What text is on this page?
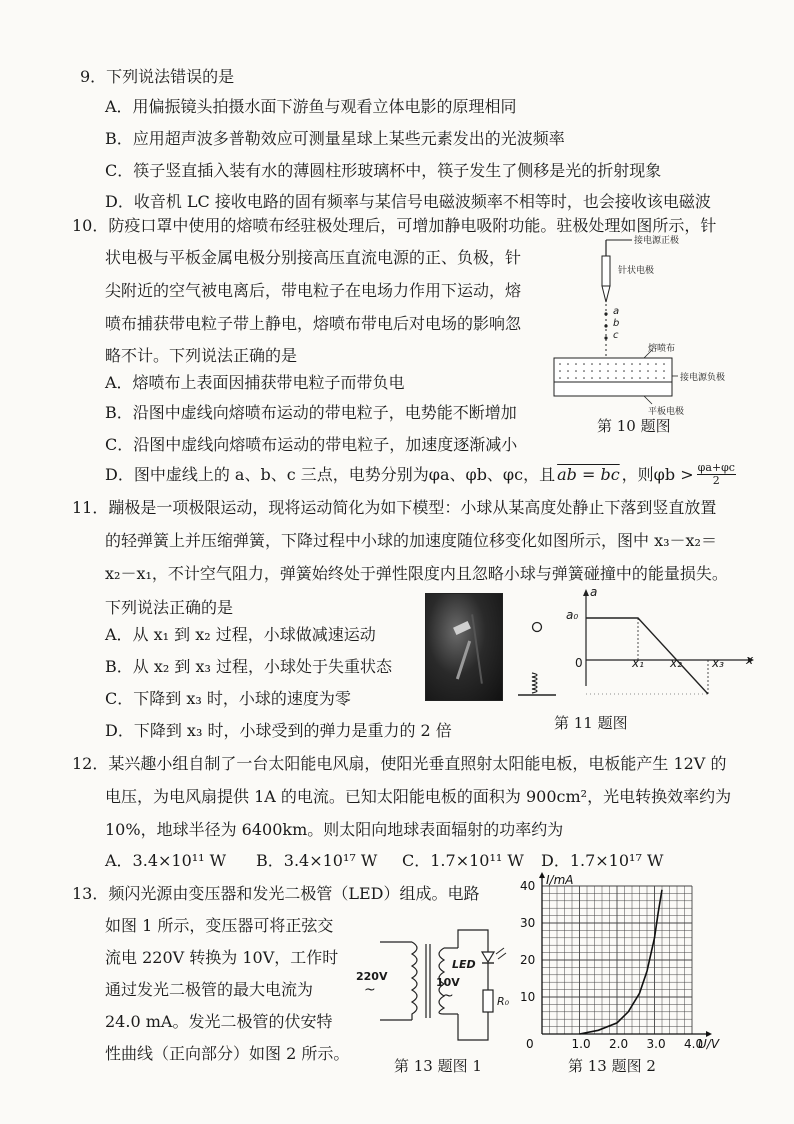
9．下列说法错误的是
A．用偏振镜头拍摄水面下游鱼与观看立体电影的原理相同
B．应用超声波多普勒效应可测量星球上某些元素发出的光波频率
C．筷子竖直插入装有水的薄圆柱形玻璃杯中，筷子发生了侧移是光的折射现象
D．收音机 LC 接收电路的固有频率与某信号电磁波频率不相等时，也会接收该电磁波
10．防疫口罩中使用的熔喷布经驻极处理后，可增加静电吸附功能。驻极处理如图所示，针
状电极与平板金属电极分别接高压直流电源的正、负极，针
尖附近的空气被电离后，带电粒子在电场力作用下运动，熔
喷布捕获带电粒子带上静电，熔喷布带电后对电场的影响忽
略不计。下列说法正确的是
A．熔喷布上表面因捕获带电粒子而带负电
B．沿图中虚线向熔喷布运动的带电粒子，电势能不断增加
C．沿图中虚线向熔喷布运动的带电粒子，加速度逐渐减小
D．图中虚线上的 a、b、c 三点，电势分别为φa、φb、φc，且 ab = bc ，则$\varphi b > \frac{\varphi a+\varphi c}{2}$
接电源正极
针状电极
a
b
c
熔喷布
接电源负极
平板电极
第 10 题图
11．蹦极是一项极限运动，现将运动简化为如下模型：小球从某高度处静止下落到竖直放置
的轻弹簧上并压缩弹簧，下降过程中小球的加速度随位移变化如图所示，图中 x₃－x₂＝
x₂－x₁，不计空气阻力，弹簧始终处于弹性限度内且忽略小球与弹簧碰撞中的能量损失。
下列说法正确的是
A．从 x₁ 到 x₂ 过程，小球做减速运动
B．从 x₂ 到 x₃ 过程，小球处于失重状态
C．下降到 x₃ 时，小球的速度为零
D．下降到 x₃ 时，小球受到的弹力是重力的 2 倍
a
a₀
0	x₁ x₂	x₃ x
第 11 题图
12．某兴趣小组自制了一台太阳能电风扇，使阳光垂直照射太阳能电板，电板能产生 12V 的
电压，为电风扇提供 1A 的电流。已知太阳能电板的面积为 900cm²，光电转换效率约为
10%，地球半径为 6400km。则太阳向地球表面辐射的功率约为
A．3.4×10¹¹ W B．3.4×10¹⁷ W C．1.7×10¹¹ W D．1.7×10¹⁷ W
13．频闪光源由变压器和发光二极管（LED）组成。电路
如图 1 所示，变压器可将正弦交
流电 220V 转换为 10V，工作时
通过发光二极管的最大电流为
24.0 mA。发光二极管的伏安特
性曲线（正向部分）如图 2 所示。
220V
~	10V
~
LED
R₀
第 13 题图 1
0	1.0 2.0 3.0 4.0
10
20
30
40 I/mA
U/V
第 13 题图 2
